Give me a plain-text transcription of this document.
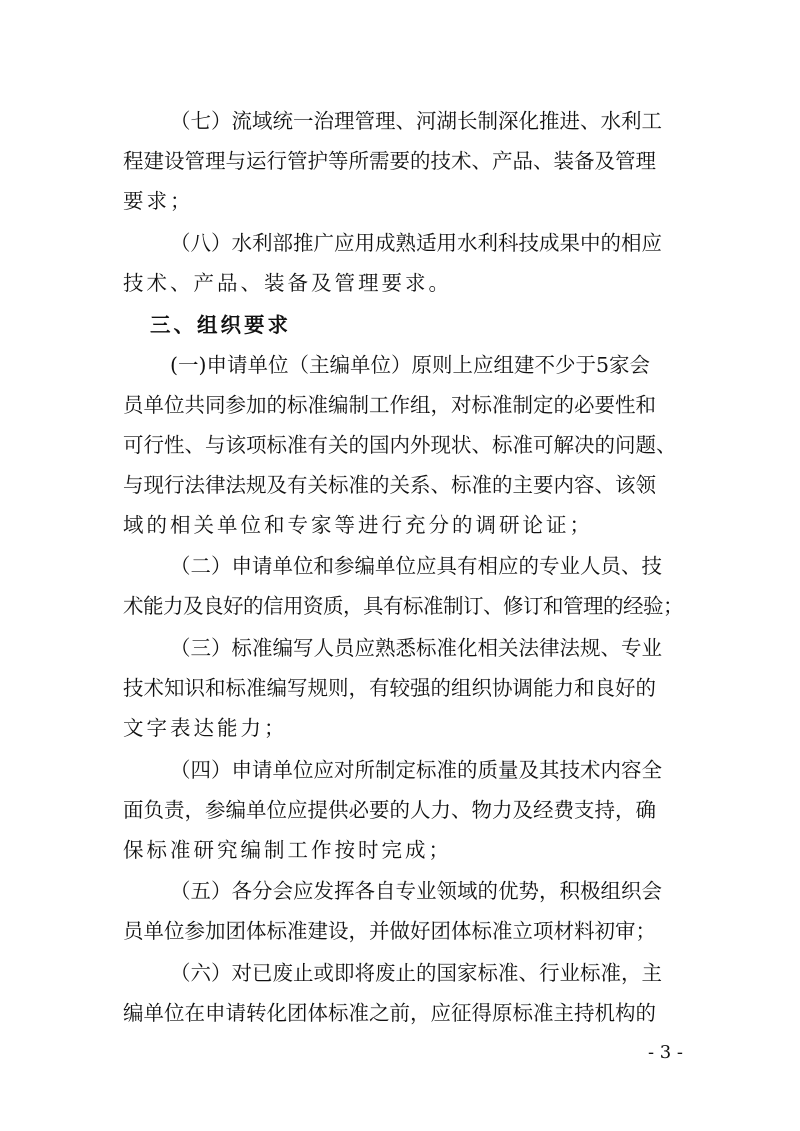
（七）流域统一治理管理、河湖长制深化推进、水利工
程建设管理与运行管护等所需要的技术、产品、装备及管理
要求；
（八）水利部推广应用成熟适用水利科技成果中的相应
技术、产品、装备及管理要求。
三、组织要求
(一)申请单位（主编单位）原则上应组建不少于5家会
员单位共同参加的标准编制工作组，对标准制定的必要性和
可行性、与该项标准有关的国内外现状、标准可解决的问题、
与现行法律法规及有关标准的关系、标准的主要内容、该领
域的相关单位和专家等进行充分的调研论证；
（二）申请单位和参编单位应具有相应的专业人员、技
术能力及良好的信用资质，具有标准制订、修订和管理的经验；
（三）标准编写人员应熟悉标准化相关法律法规、专业
技术知识和标准编写规则，有较强的组织协调能力和良好的
文字表达能力；
（四）申请单位应对所制定标准的质量及其技术内容全
面负责，参编单位应提供必要的人力、物力及经费支持，确
保标准研究编制工作按时完成；
（五）各分会应发挥各自专业领域的优势，积极组织会
员单位参加团体标准建设，并做好团体标准立项材料初审；
（六）对已废止或即将废止的国家标准、行业标准，主
编单位在申请转化团体标准之前，应征得原标准主持机构的
- 3 -
